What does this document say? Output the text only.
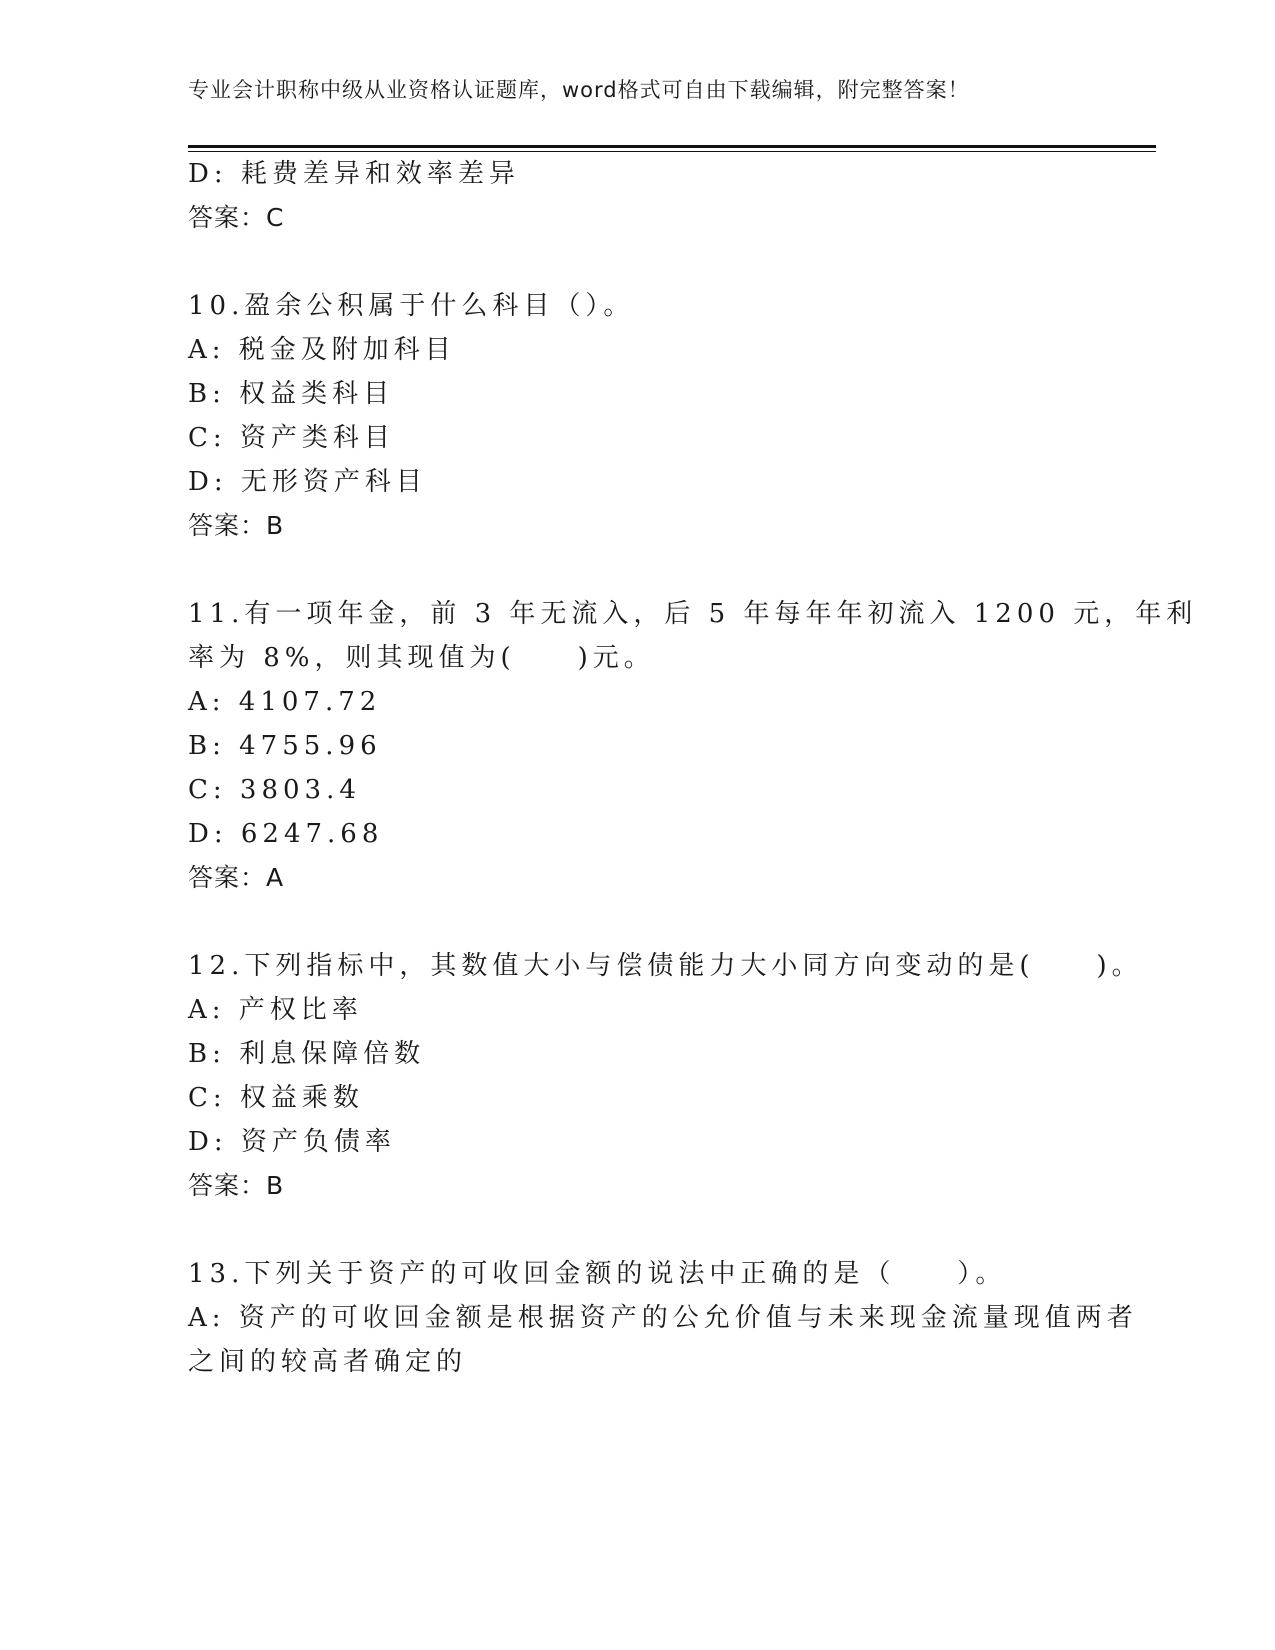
专业会计职称中级从业资格认证题库，word格式可自由下载编辑，附完整答案！
D: 耗费差异和效率差异
答案：C
10.盈余公积属于什么科目（）。
A: 税金及附加科目
B: 权益类科目
C: 资产类科目
D: 无形资产科目
答案：B
11.有一项年金，前 3 年无流入，后 5 年每年年初流入 1200 元，年利
率为 8%，则其现值为(　　)元。
A: 4107.72
B: 4755.96
C: 3803.4
D: 6247.68
答案：A
12.下列指标中，其数值大小与偿债能力大小同方向变动的是(　　)。
A: 产权比率
B: 利息保障倍数
C: 权益乘数
D: 资产负债率
答案：B
13.下列关于资产的可收回金额的说法中正确的是（　　）。
A: 资产的可收回金额是根据资产的公允价值与未来现金流量现值两者
之间的较高者确定的
